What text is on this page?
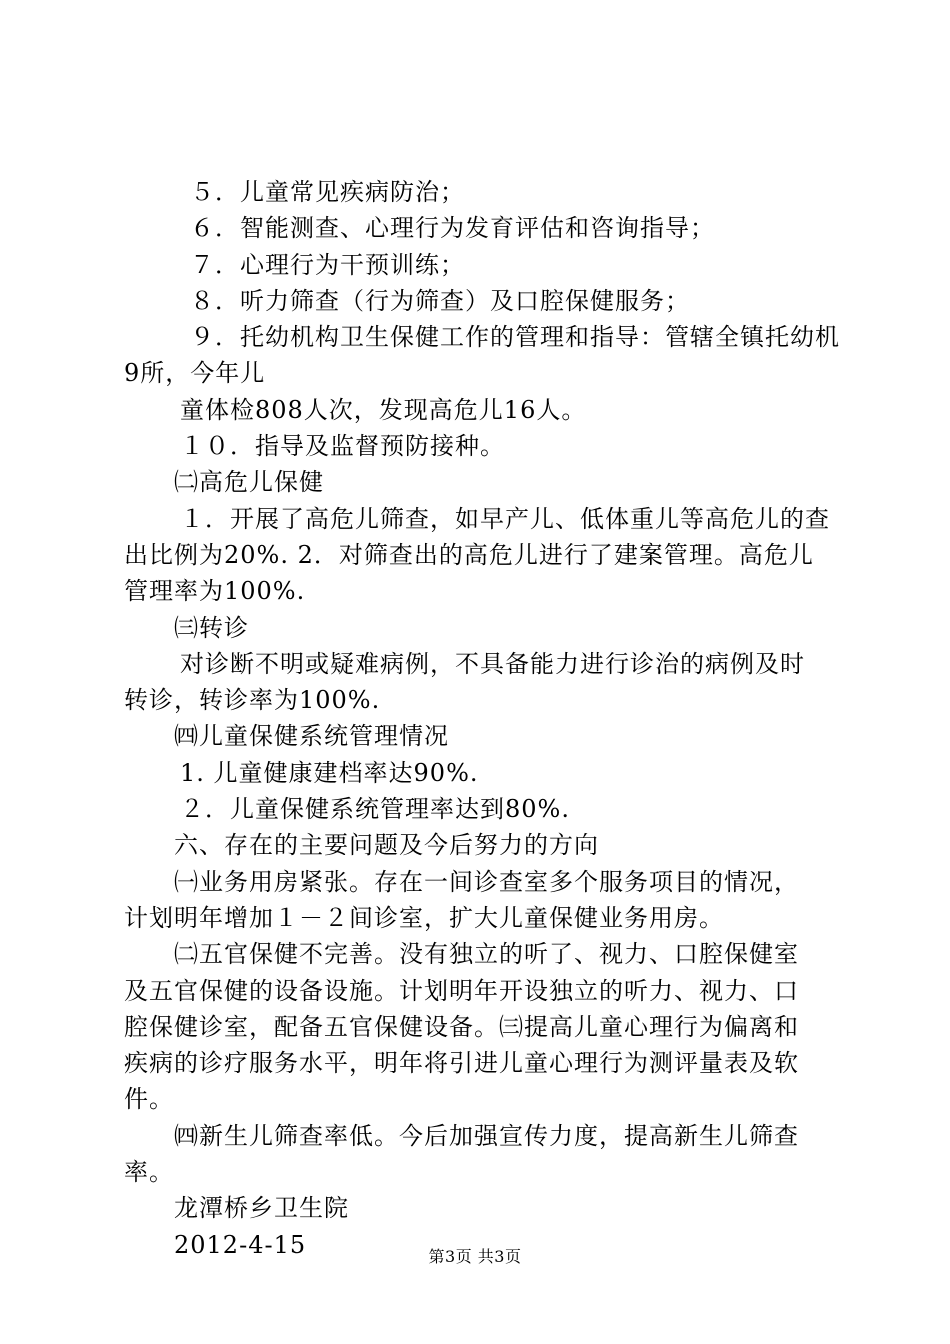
５．儿童常见疾病防治；
６．智能测查、心理行为发育评估和咨询指导；
７．心理行为干预训练；
８．听力筛查（行为筛查）及口腔保健服务；
９．托幼机构卫生保健工作的管理和指导：管辖全镇托幼机
9所，今年儿
童体检808人次，发现高危儿16人。
１０．指导及监督预防接种。
㈡高危儿保健
１．开展了高危儿筛查，如早产儿、低体重儿等高危儿的查
出比例为20%. 2．对筛查出的高危儿进行了建案管理。高危儿
管理率为100%.
㈢转诊
对诊断不明或疑难病例，不具备能力进行诊治的病例及时
转诊，转诊率为100%.
㈣儿童保健系统管理情况
1. 儿童健康建档率达90%.
２．儿童保健系统管理率达到80%.
六、存在的主要问题及今后努力的方向
㈠业务用房紧张。存在一间诊查室多个服务项目的情况，
计划明年增加１－２间诊室，扩大儿童保健业务用房。
㈡五官保健不完善。没有独立的听了、视力、口腔保健室
及五官保健的设备设施。计划明年开设独立的听力、视力、口
腔保健诊室，配备五官保健设备。㈢提高儿童心理行为偏离和
疾病的诊疗服务水平，明年将引进儿童心理行为测评量表及软
件。
㈣新生儿筛查率低。今后加强宣传力度，提高新生儿筛查
率。
龙潭桥乡卫生院
2012-4-15	第3页 共3页
